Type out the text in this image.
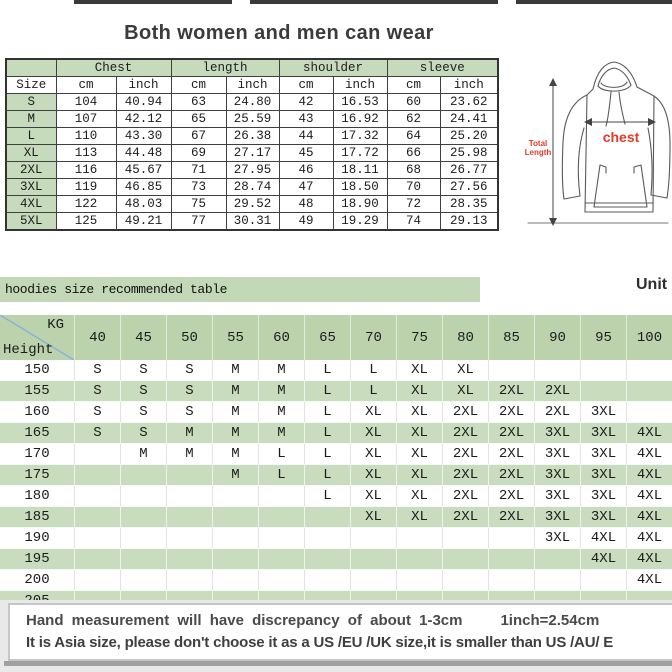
Both women and men can wear
	Chest		length		shoulder		sleeve	
Size	cm	inch	cm	inch	cm	inch	cm	inch
S	104	40.94	63	24.80	42	16.53	60	23.62
M	107	42.12	65	25.59	43	16.92	62	24.41
L	110	43.30	67	26.38	44	17.32	64	25.20
XL	113	44.48	69	27.17	45	17.72	66	25.98
2XL	116	45.67	71	27.95	46	18.11	68	26.77
3XL	119	46.85	73	28.74	47	18.50	70	27.56
4XL	122	48.03	75	29.52	48	18.90	72	28.35
5XL	125	49.21	77	30.31	49	19.29	74	29.13
Total
Length
chest
hoodies size recommended table	Unit
KG
Height	40	45	50	55	60	65	70	75	80	85	90	95	100
150	S	S	S	M	M	L	L	XL	XL				
155	S	S	S	M	M	L	L	XL	XL	2XL	2XL		
160	S	S	S	M	M	L	XL	XL	2XL	2XL	2XL	3XL	
165	S	S	M	M	M	L	XL	XL	2XL	2XL	3XL	3XL	4XL
170		M	M	M	L	L	XL	XL	2XL	2XL	3XL	3XL	4XL
175				M	L	L	XL	XL	2XL	2XL	3XL	3XL	4XL
180						L	XL	XL	2XL	2XL	3XL	3XL	4XL
185							XL	XL	2XL	2XL	3XL	3XL	4XL
190											3XL	4XL	4XL
195												4XL	4XL
200													4XL

Hand measurement will have discrepancy of about 1-3cm	1inch=2.54cm
It is Asia size, please don't choose it as a US /EU /UK size,it is smaller than US /AU/ E
